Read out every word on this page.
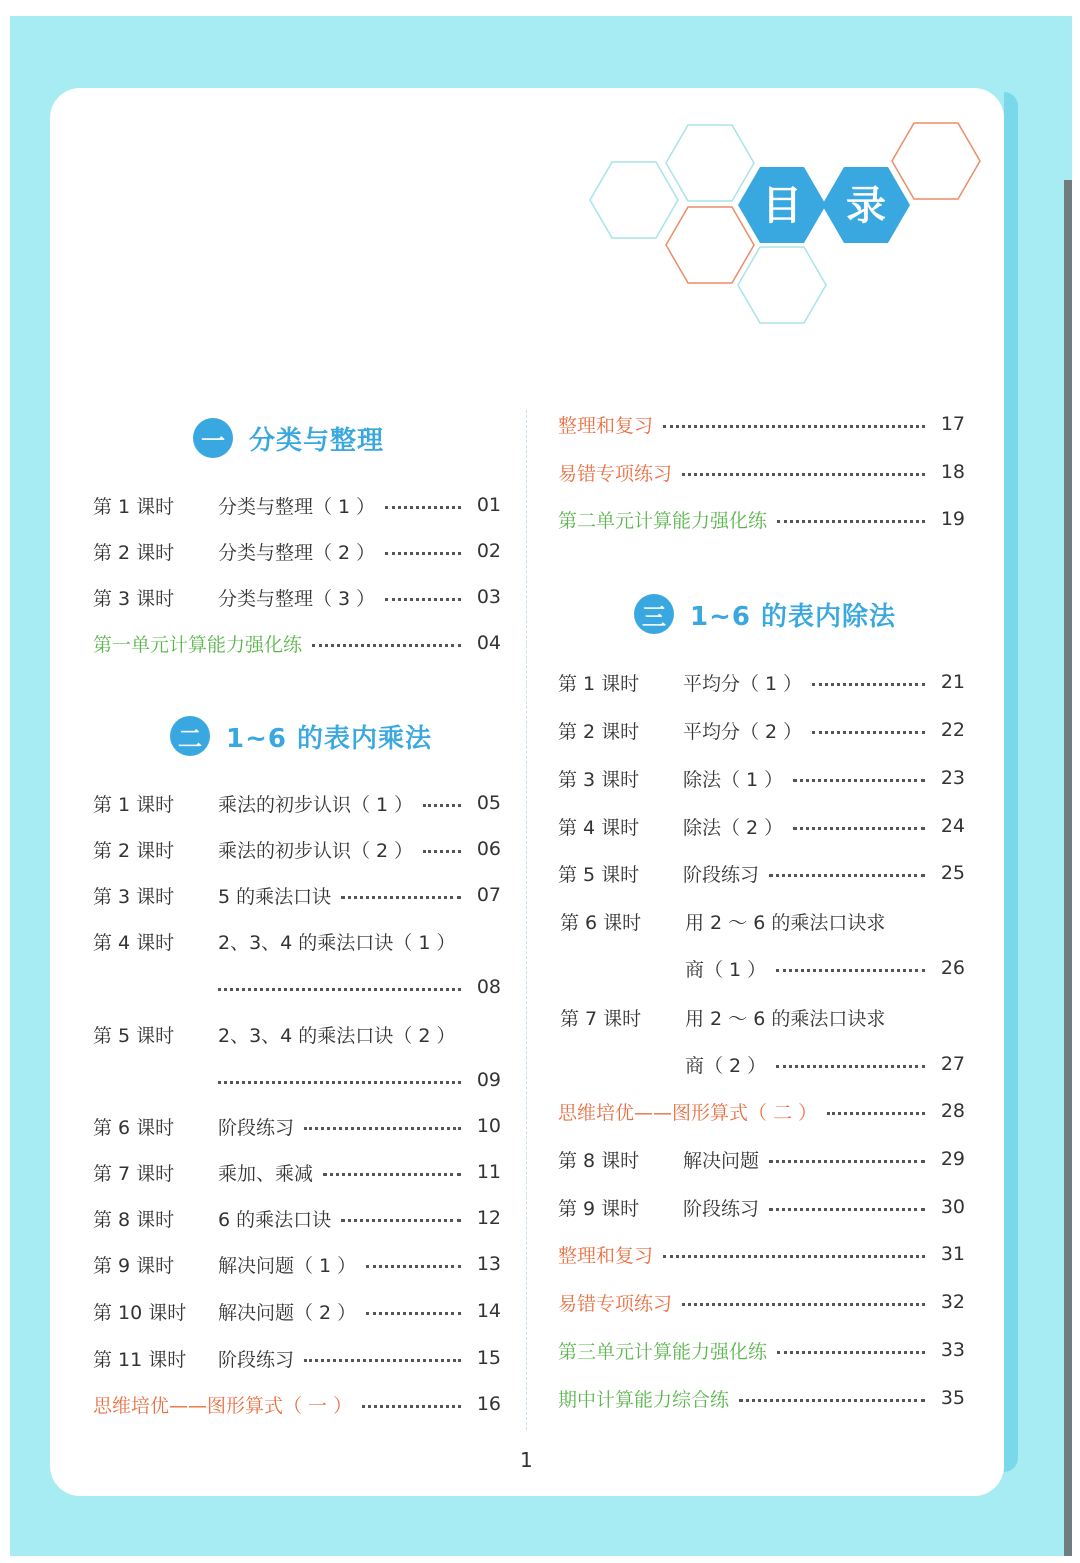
目 录
一 分类与整理
二 1~6 的表内乘法
三 1~6 的表内除法
第 1 课时	分类与整理（ 1 ）	01
第 2 课时	分类与整理（ 2 ）	02
第 3 课时	分类与整理（ 3 ）	03
第一单元计算能力强化练	04
第 1 课时	乘法的初步认识（ 1 ）	05
第 2 课时	乘法的初步认识（ 2 ）	06
第 3 课时	5 的乘法口诀	07
第 4 课时	2、3、4 的乘法口诀（ 1 ）
08
第 5 课时	2、3、4 的乘法口诀（ 2 ）
09
第 6 课时	阶段练习	10
第 7 课时	乘加、乘减	11
第 8 课时	6 的乘法口诀	12
第 9 课时	解决问题（ 1 ）	13
第 10 课时	解决问题（ 2 ）	14
第 11 课时	阶段练习	15
思维培优——图形算式（ 一 ）	16
整理和复习	17
易错专项练习	18
第二单元计算能力强化练	19
第 1 课时	平均分（ 1 ）	21
第 2 课时	平均分（ 2 ）	22
第 3 课时	除法（ 1 ）	23
第 4 课时	除法（ 2 ）	24
第 5 课时	阶段练习	25
第 6 课时	用 2 ～ 6 的乘法口诀求
商（ 1 ）	26
第 7 课时	用 2 ～ 6 的乘法口诀求
商（ 2 ）	27
思维培优——图形算式（ 二 ）	28
第 8 课时	解决问题	29
第 9 课时	阶段练习	30
整理和复习	31
易错专项练习	32
第三单元计算能力强化练	33
期中计算能力综合练	35
1
